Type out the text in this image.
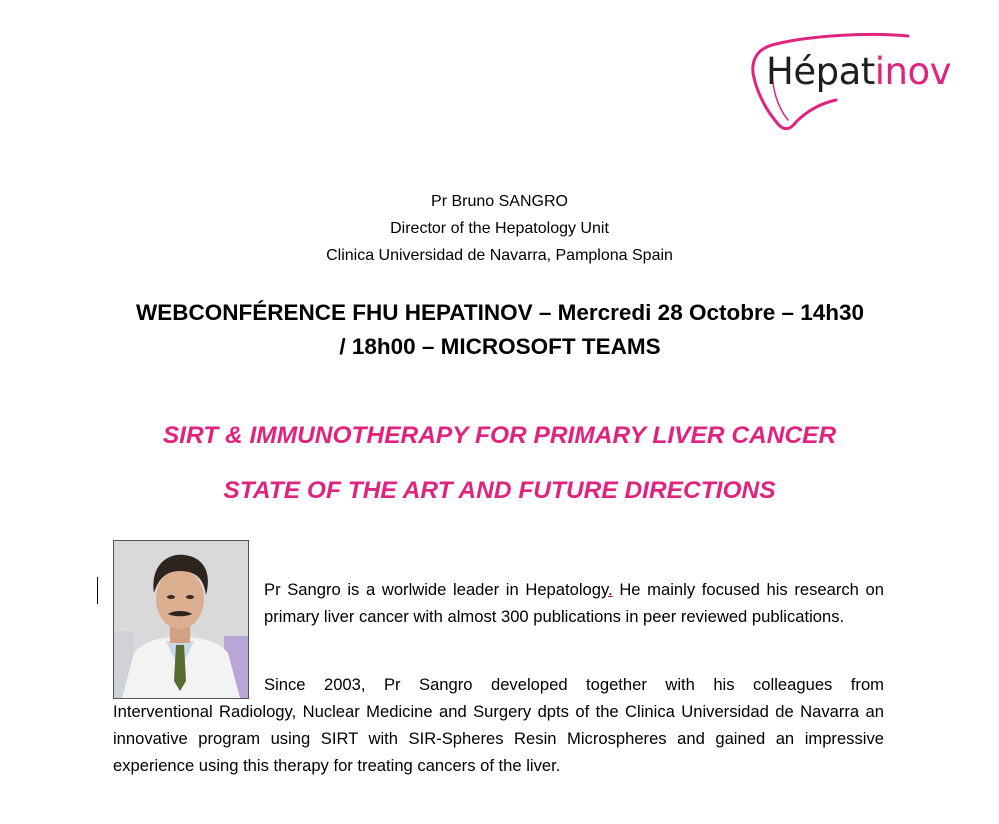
Hépatinov
Pr Bruno SANGRO
Director of the Hepatology Unit
Clinica Universidad de Navarra, Pamplona Spain
WEBCONFÉRENCE FHU HEPATINOV – Mercredi 28 Octobre – 14h30
/ 18h00 – MICROSOFT TEAMS
SIRT & IMMUNOTHERAPY FOR PRIMARY LIVER CANCER
STATE OF THE ART AND FUTURE DIRECTIONS

Pr Sangro is a worlwide leader in Hepatology. He mainly focused his research on primary liver cancer with almost 300 publications in peer reviewed publications.

Since 2003, Pr Sangro developed together with his colleagues from

Interventional Radiology, Nuclear Medicine and Surgery dpts of the Clinica Universidad de Navarra an innovative program using SIRT with SIR-Spheres Resin Microspheres and gained an impressive experience using this therapy for treating cancers of the liver.
